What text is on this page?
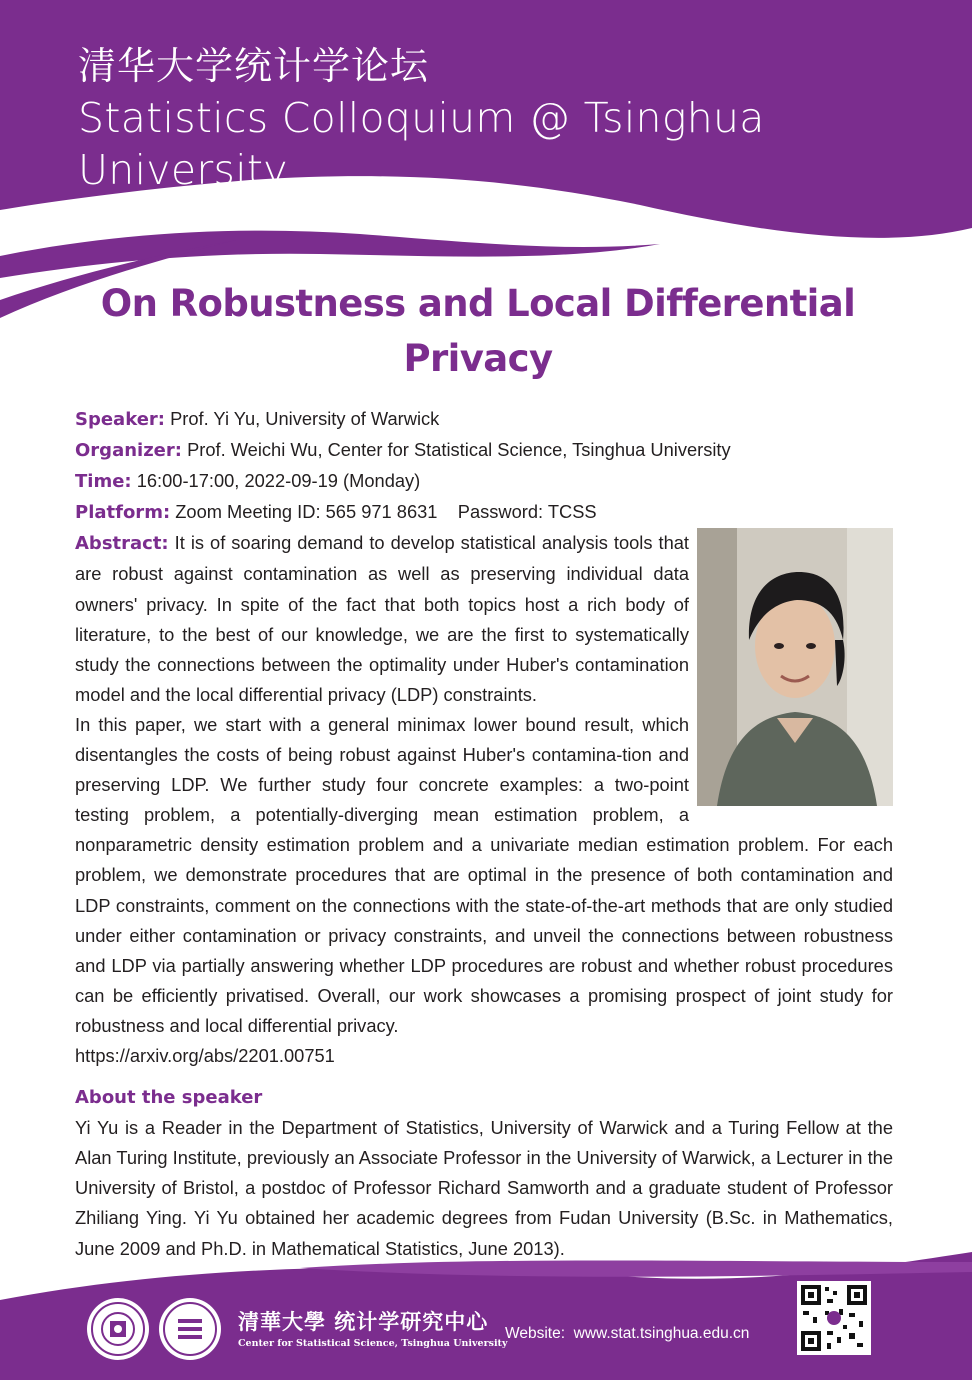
清华大学统计学论坛
Statistics Colloquium @ Tsinghua University
On Robustness and Local Differential Privacy
Speaker: Prof. Yi Yu, University of Warwick
Organizer: Prof. Weichi Wu, Center for Statistical Science, Tsinghua University
Time: 16:00-17:00, 2022-09-19 (Monday)
Platform: Zoom Meeting ID: 565 971 8631    Password: TCSS
Abstract: It is of soaring demand to develop statistical analysis tools that are robust against contamination as well as preserving individual data owners' privacy. In spite of the fact that both topics host a rich body of literature, to the best of our knowledge, we are the first to systematically study the connections between the optimality under Huber's contamination model and the local differential privacy (LDP) constraints.
In this paper, we start with a general minimax lower bound result, which disentangles the costs of being robust against Huber's contamina-tion and preserving LDP. We further study four concrete examples: a two-point testing problem, a potentially-diverging mean estimation problem, a nonparametric density estimation problem and a univariate median estimation problem. For each problem, we demonstrate procedures that are optimal in the presence of both contamination and LDP constraints, comment on the connections with the state-of-the-art methods that are only studied under either contamination or privacy constraints, and unveil the connections between robustness and LDP via partially answering whether LDP procedures are robust and whether robust procedures can be efficiently privatised. Overall, our work showcases a promising prospect of joint study for robustness and local differential privacy.
https://arxiv.org/abs/2201.00751
About the speaker
Yi Yu is a Reader in the Department of Statistics, University of Warwick and a Turing Fellow at the Alan Turing Institute, previously an Associate Professor in the University of Warwick, a Lecturer in the University of Bristol, a postdoc of Professor Richard Samworth and a graduate student of Professor Zhiliang Ying. Yi Yu obtained her academic degrees from Fudan University (B.Sc. in Mathematics, June 2009 and Ph.D. in Mathematical Statistics, June 2013).
清華大學 统计学研究中心
Center for Statistical Science, Tsinghua University
Website:  www.stat.tsinghua.edu.cn
